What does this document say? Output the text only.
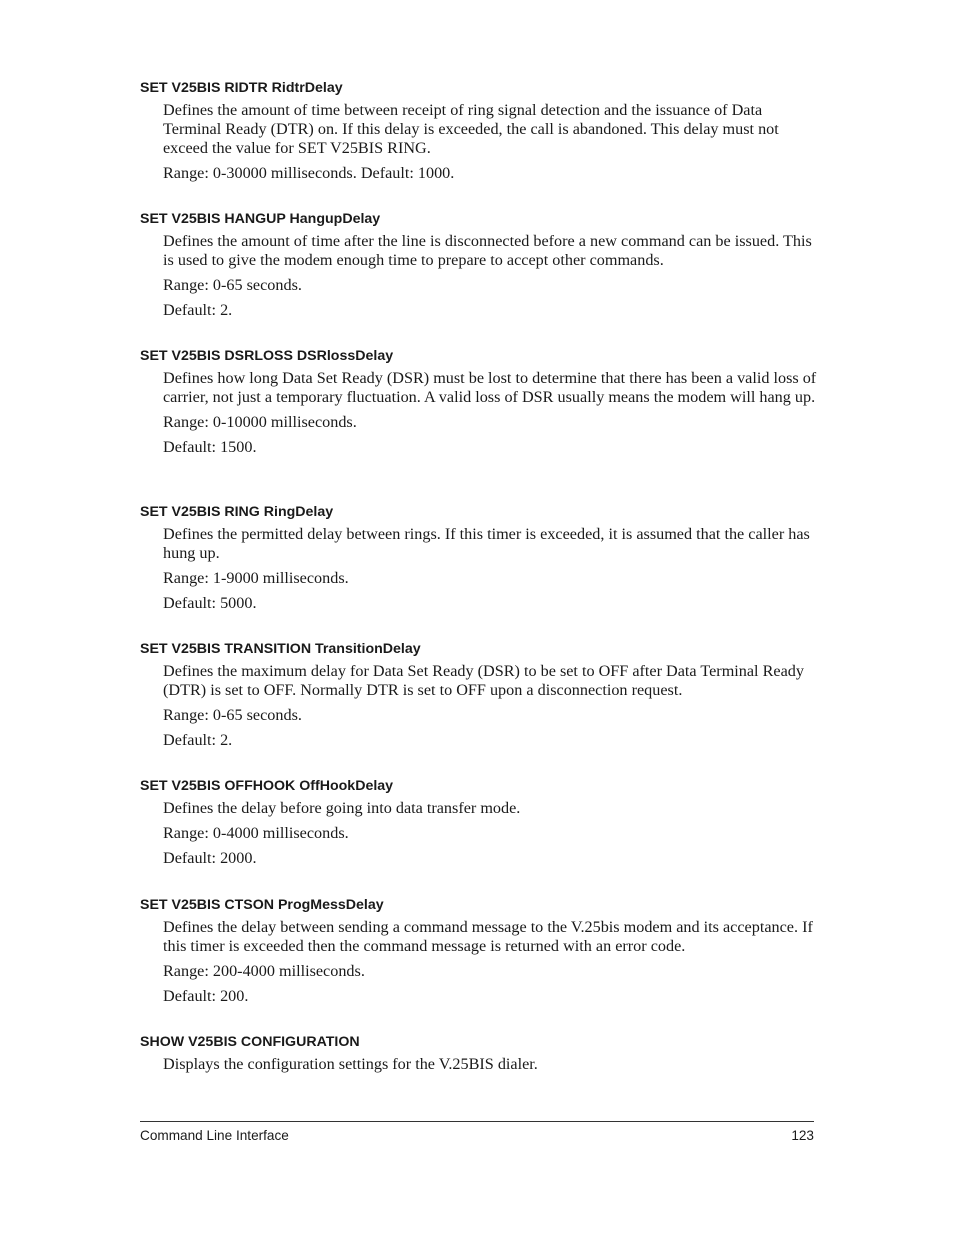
SET V25BIS RIDTR RidtrDelay

Defines the amount of time between receipt of ring signal detection and the issuance of Data Terminal Ready (DTR) on. If this delay is exceeded, the call is abandoned. This delay must not exceed the value for SET V25BIS RING.

Range: 0-30000 milliseconds. Default: 1000.

SET V25BIS HANGUP HangupDelay

Defines the amount of time after the line is disconnected before a new command can be issued. This is used to give the modem enough time to prepare to accept other commands.

Range: 0-65 seconds.

Default: 2.

SET V25BIS DSRLOSS DSRlossDelay

Defines how long Data Set Ready (DSR) must be lost to determine that there has been a valid loss of carrier, not just a temporary fluctuation. A valid loss of DSR usually means the modem will hang up.

Range: 0-10000 milliseconds.

Default: 1500.

SET V25BIS RING RingDelay

Defines the permitted delay between rings. If this timer is exceeded, it is assumed that the caller has hung up.

Range: 1-9000 milliseconds.

Default: 5000.

SET V25BIS TRANSITION TransitionDelay

Defines the maximum delay for Data Set Ready (DSR) to be set to OFF after Data Terminal Ready (DTR) is set to OFF. Normally DTR is set to OFF upon a disconnection request.

Range: 0-65 seconds.

Default: 2.

SET V25BIS OFFHOOK OffHookDelay

Defines the delay before going into data transfer mode.

Range: 0-4000 milliseconds.

Default: 2000.

SET V25BIS CTSON ProgMessDelay

Defines the delay between sending a command message to the V.25bis modem and its acceptance. If this timer is exceeded then the command message is returned with an error code.

Range: 200-4000 milliseconds.

Default: 200.

SHOW V25BIS CONFIGURATION

Displays the configuration settings for the V.25BIS dialer.

Command Line Interface	123
